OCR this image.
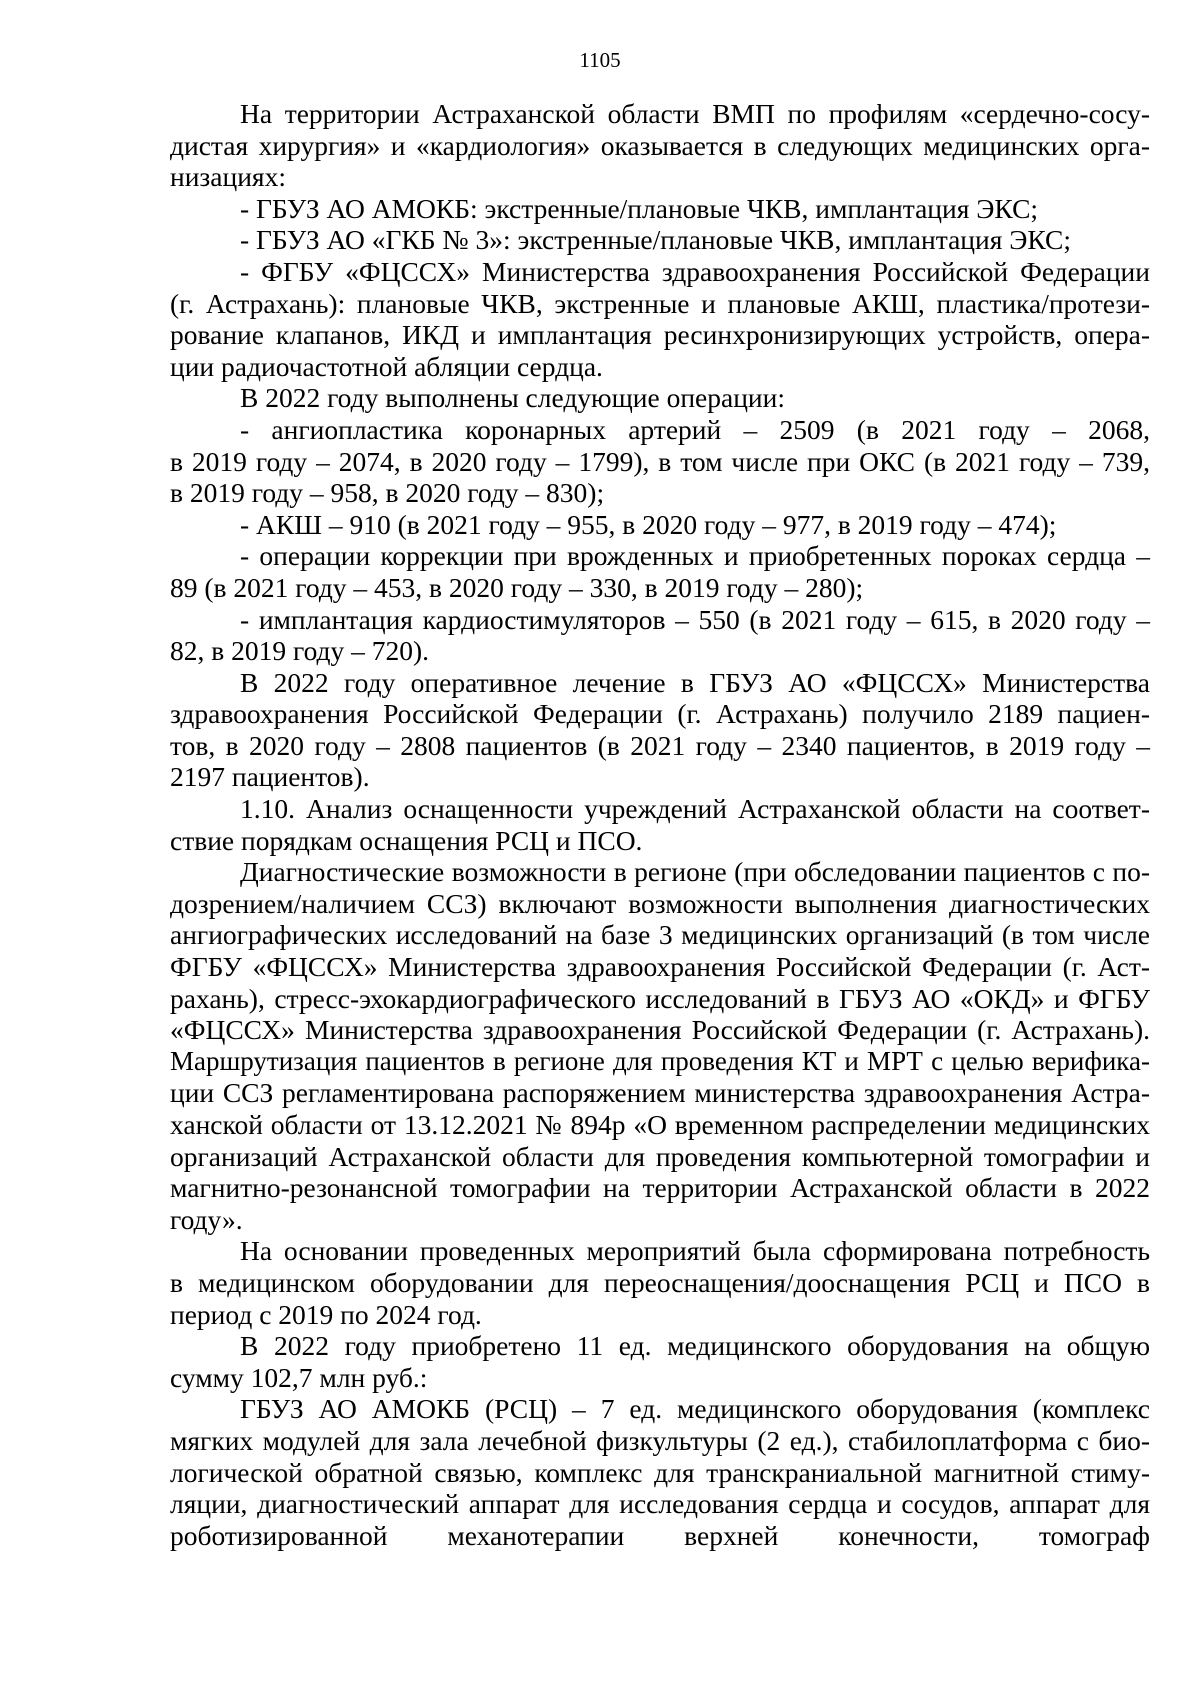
1105
На территории Астраханской области ВМП по профилям «сердечно-сосу-
дистая хирургия» и «кардиология» оказывается в следующих медицинских орга-
низациях:
- ГБУЗ АО АМОКБ: экстренные/плановые ЧКВ, имплантация ЭКС;
- ГБУЗ АО «ГКБ № 3»: экстренные/плановые ЧКВ, имплантация ЭКС;
- ФГБУ «ФЦССХ» Министерства здравоохранения Российской Федерации
(г. Астрахань): плановые ЧКВ, экстренные и плановые АКШ, пластика/протези-
рование клапанов, ИКД и имплантация ресинхронизирующих устройств, опера-
ции радиочастотной абляции сердца.
В 2022 году выполнены следующие операции:
- ангиопластика коронарных артерий – 2509 (в 2021 году – 2068,
в 2019 году – 2074, в 2020 году – 1799), в том числе при ОКС (в 2021 году – 739,
в 2019 году – 958, в 2020 году – 830);
- АКШ – 910 (в 2021 году – 955, в 2020 году – 977, в 2019 году – 474);
- операции коррекции при врожденных и приобретенных пороках сердца –
89 (в 2021 году – 453, в 2020 году – 330, в 2019 году – 280);
- имплантация кардиостимуляторов – 550 (в 2021 году – 615, в 2020 году –
82, в 2019 году – 720).
В 2022 году оперативное лечение в ГБУЗ АО «ФЦССХ» Министерства
здравоохранения Российской Федерации (г. Астрахань) получило 2189 пациен-
тов, в 2020 году – 2808 пациентов (в 2021 году – 2340 пациентов, в 2019 году –
2197 пациентов).
1.10. Анализ оснащенности учреждений Астраханской области на соответ-
ствие порядкам оснащения РСЦ и ПСО.
Диагностические возможности в регионе (при обследовании пациентов с по-
дозрением/наличием ССЗ) включают возможности выполнения диагностических
ангиографических исследований на базе 3 медицинских организаций (в том числе
ФГБУ «ФЦССХ» Министерства здравоохранения Российской Федерации (г. Аст-
рахань), стресс-эхокардиографического исследований в ГБУЗ АО «ОКД» и ФГБУ
«ФЦССХ» Министерства здравоохранения Российской Федерации (г. Астрахань).
Маршрутизация пациентов в регионе для проведения КТ и МРТ с целью верифика-
ции ССЗ регламентирована распоряжением министерства здравоохранения Астра-
ханской области от 13.12.2021 № 894р «О временном распределении медицинских
организаций Астраханской области для проведения компьютерной томографии и
магнитно-резонансной томографии на территории Астраханской области в 2022
году».
На основании проведенных мероприятий была сформирована потребность
в медицинском оборудовании для переоснащения/дооснащения РСЦ и ПСО в
период с 2019 по 2024 год.
В 2022 году приобретено 11 ед. медицинского оборудования на общую
сумму 102,7 млн руб.:
ГБУЗ АО АМОКБ (РСЦ) – 7 ед. медицинского оборудования (комплекс
мягких модулей для зала лечебной физкультуры (2 ед.), стабилоплатформа с био-
логической обратной связью, комплекс для транскраниальной магнитной стиму-
ляции, диагностический аппарат для исследования сердца и сосудов, аппарат для
роботизированной механотерапии верхней конечности, томограф
